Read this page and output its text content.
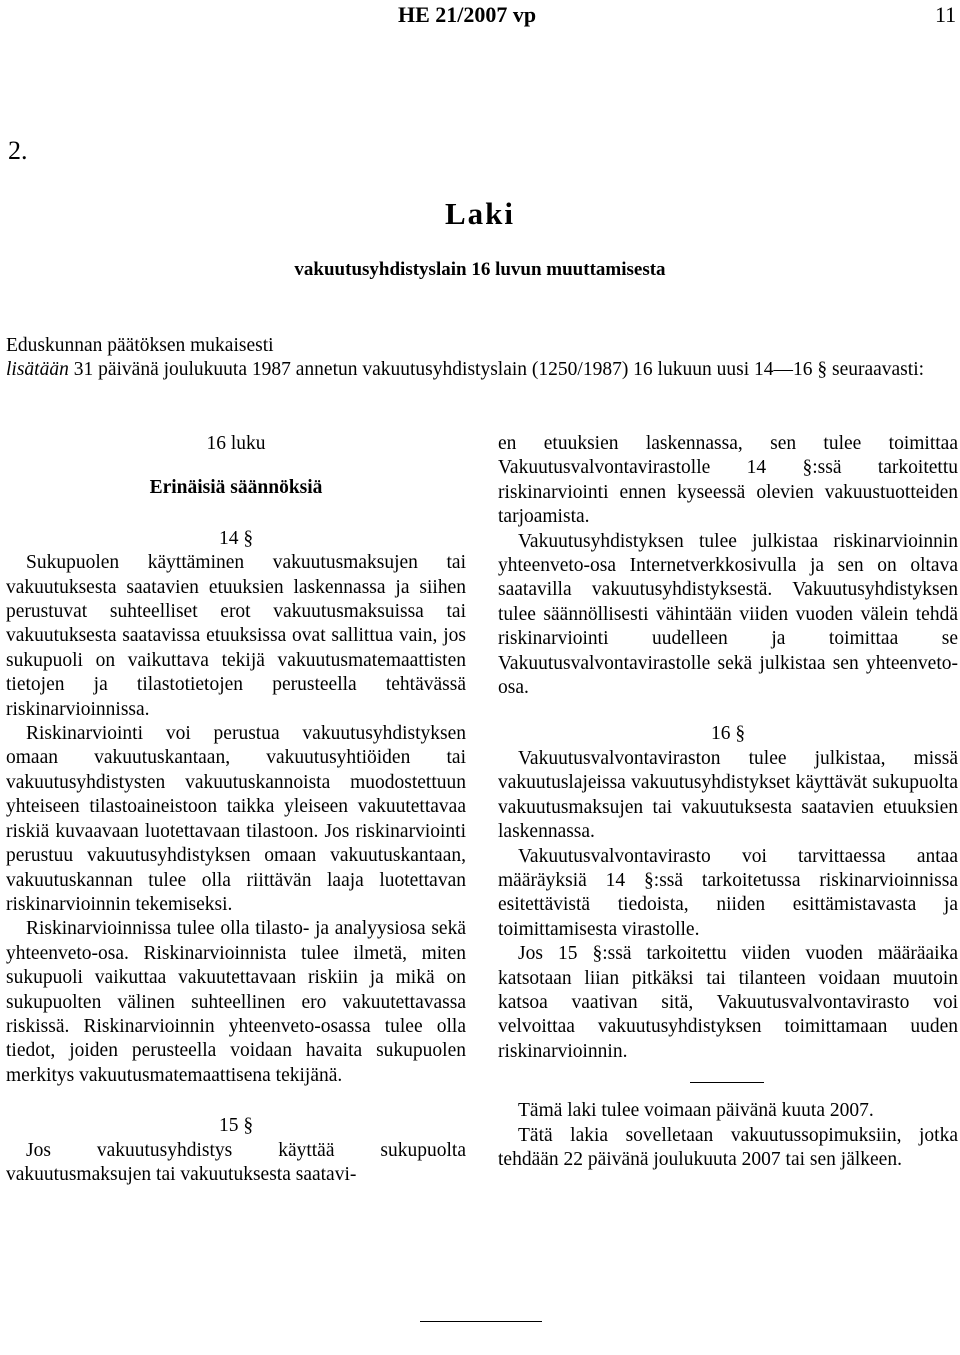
HE 21/2007 vp	11
2.
Laki
vakuutusyhdistyslain 16 luvun muuttamisesta

Eduskunnan päätöksen mukaisesti

lisätään 31 päivänä joulukuuta 1987 annetun vakuutusyhdistyslain (1250/1987) 16 lukuun uusi 14—16 § seuraavasti:

16 luku

Erinäisiä säännöksiä

14 §

Sukupuolen käyttäminen vakuutusmaksujen tai vakuutuksesta saatavien etuuksien laskennassa ja siihen perustuvat suhteelliset erot vakuutusmaksuissa tai vakuutuksesta saatavissa etuuksissa ovat sallittua vain, jos sukupuoli on vaikuttava tekijä vakuutusmatemaattisten tietojen ja tilastotietojen perusteella tehtävässä riskinarvioinnissa.

Riskinarviointi voi perustua vakuutusyhdistyksen omaan vakuutuskantaan, vakuutusyhtiöiden tai vakuutusyhdistysten vakuutuskannoista muodostettuun yhteiseen tilastoaineistoon taikka yleiseen vakuutettavaa riskiä kuvaavaan luotettavaan tilastoon. Jos riskinarviointi perustuu vakuutusyhdistyksen omaan vakuutuskantaan, vakuutuskannan tulee olla riittävän laaja luotettavan riskinarvioinnin tekemiseksi.

Riskinarvioinnissa tulee olla tilasto- ja analyysiosa sekä yhteenveto-osa. Riskinarvioinnista tulee ilmetä, miten sukupuoli vaikuttaa vakuutettavaan riskiin ja mikä on sukupuolten välinen suhteellinen ero vakuutettavassa riskissä. Riskinarvioinnin yhteenveto-osassa tulee olla tiedot, joiden perusteella voidaan havaita sukupuolen merkitys vakuutusmatemaattisena tekijänä.

15 §

Jos vakuutusyhdistys käyttää sukupuolta vakuutusmaksujen tai vakuutuksesta saatavi-

en etuuksien laskennassa, sen tulee toimittaa Vakuutusvalvontavirastolle 14 §:ssä tarkoitettu riskinarviointi ennen kyseessä olevien vakuustuotteiden tarjoamista.

Vakuutusyhdistyksen tulee julkistaa riskinarvioinnin yhteenveto-osa Internetverkkosivulla ja sen on oltava saatavilla vakuutusyhdistyksestä. Vakuutusyhdistyksen tulee säännöllisesti vähintään viiden vuoden välein tehdä riskinarviointi uudelleen ja toimittaa se Vakuutusvalvontavirastolle sekä julkistaa sen yhteenveto-osa.

16 §

Vakuutusvalvontaviraston tulee julkistaa, missä vakuutuslajeissa vakuutusyhdistykset käyttävät sukupuolta vakuutusmaksujen tai vakuutuksesta saatavien etuuksien laskennassa.

Vakuutusvalvontavirasto voi tarvittaessa antaa määräyksiä 14 §:ssä tarkoitetussa riskinarvioinnissa esitettävistä tiedoista, niiden esittämistavasta ja toimittamisesta virastolle.

Jos 15 §:ssä tarkoitettu viiden vuoden määräaika katsotaan liian pitkäksi tai tilanteen voidaan muutoin katsoa vaativan sitä, Vakuutusvalvontavirasto voi velvoittaa vakuutusyhdistyksen toimittamaan uuden riskinarvioinnin.

Tämä laki tulee voimaan päivänä kuuta 2007.

Tätä lakia sovelletaan vakuutussopimuksiin, jotka tehdään 22 päivänä joulukuuta 2007 tai sen jälkeen.
